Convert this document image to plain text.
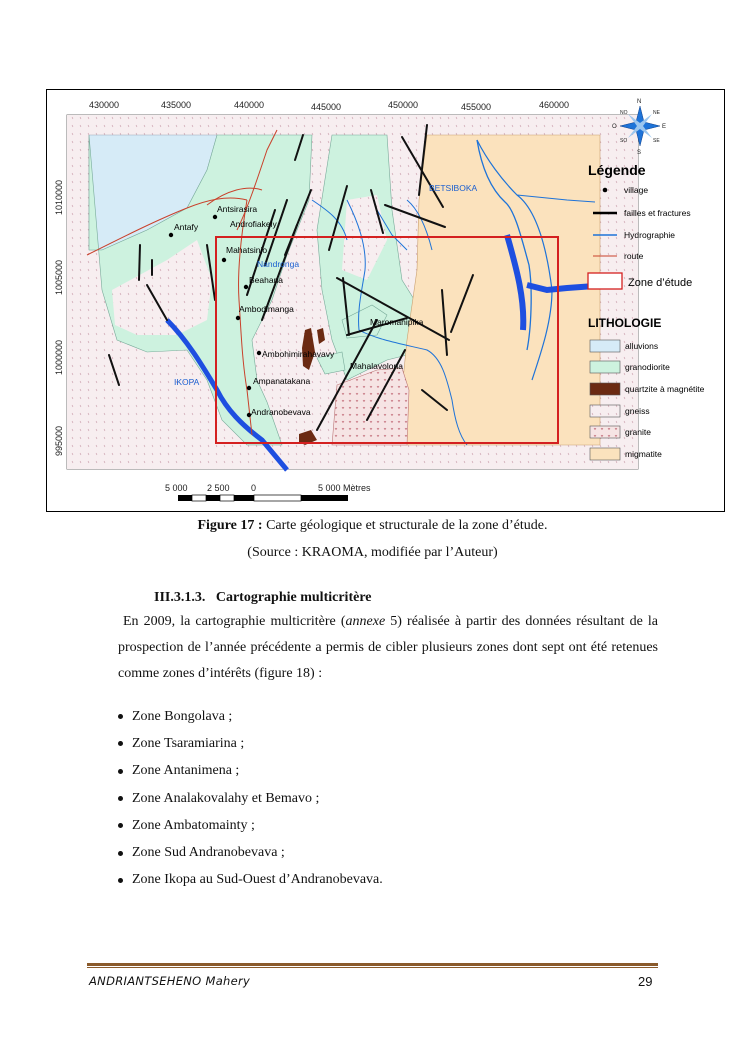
Antsirasira
Androfiakely
Antafy
Mahatsinjo
Beahana
Ambodimanga
Ambohimirahavavy
Ampanatakana
Andranobevava
Maromahipika
Mahalavolona
BETSIBOKA
Nandronga
IKOPA
430000	435000	440000	445000	450000	455000	460000
1010000
1005000
1000000
995000
5 000 2 500 0	5 000 Mètres
N
S
E
O
NO	NE
SO	SE
Légende
village
failles et fractures
Hydrographie
route
Zone d’étude
LITHOLOGIE
alluvions
granodiorite
quartzite à magnétite
gneiss
granite
migmatite
Figure 17 : Carte géologique et structurale de la zone d’étude.
(Source : KRAOMA, modifiée par l’Auteur)
III.3.1.3. Cartographie multicritère
En 2009, la cartographie multicritère (annexe 5) réalisée à partir des données résultant de la prospection de l’année précédente a permis de cibler plusieurs zones dont sept ont été retenues comme zones d’intérêts (figure 18) :
Zone Bongolava ;
Zone Tsaramiarina ;
Zone Antanimena ;
Zone Analakovalahy et Bemavo ;
Zone Ambatomainty ;
Zone Sud Andranobevava ;
Zone Ikopa au Sud-Ouest d’Andranobevava.
ANDRIANTSEHENO Mahery	29
